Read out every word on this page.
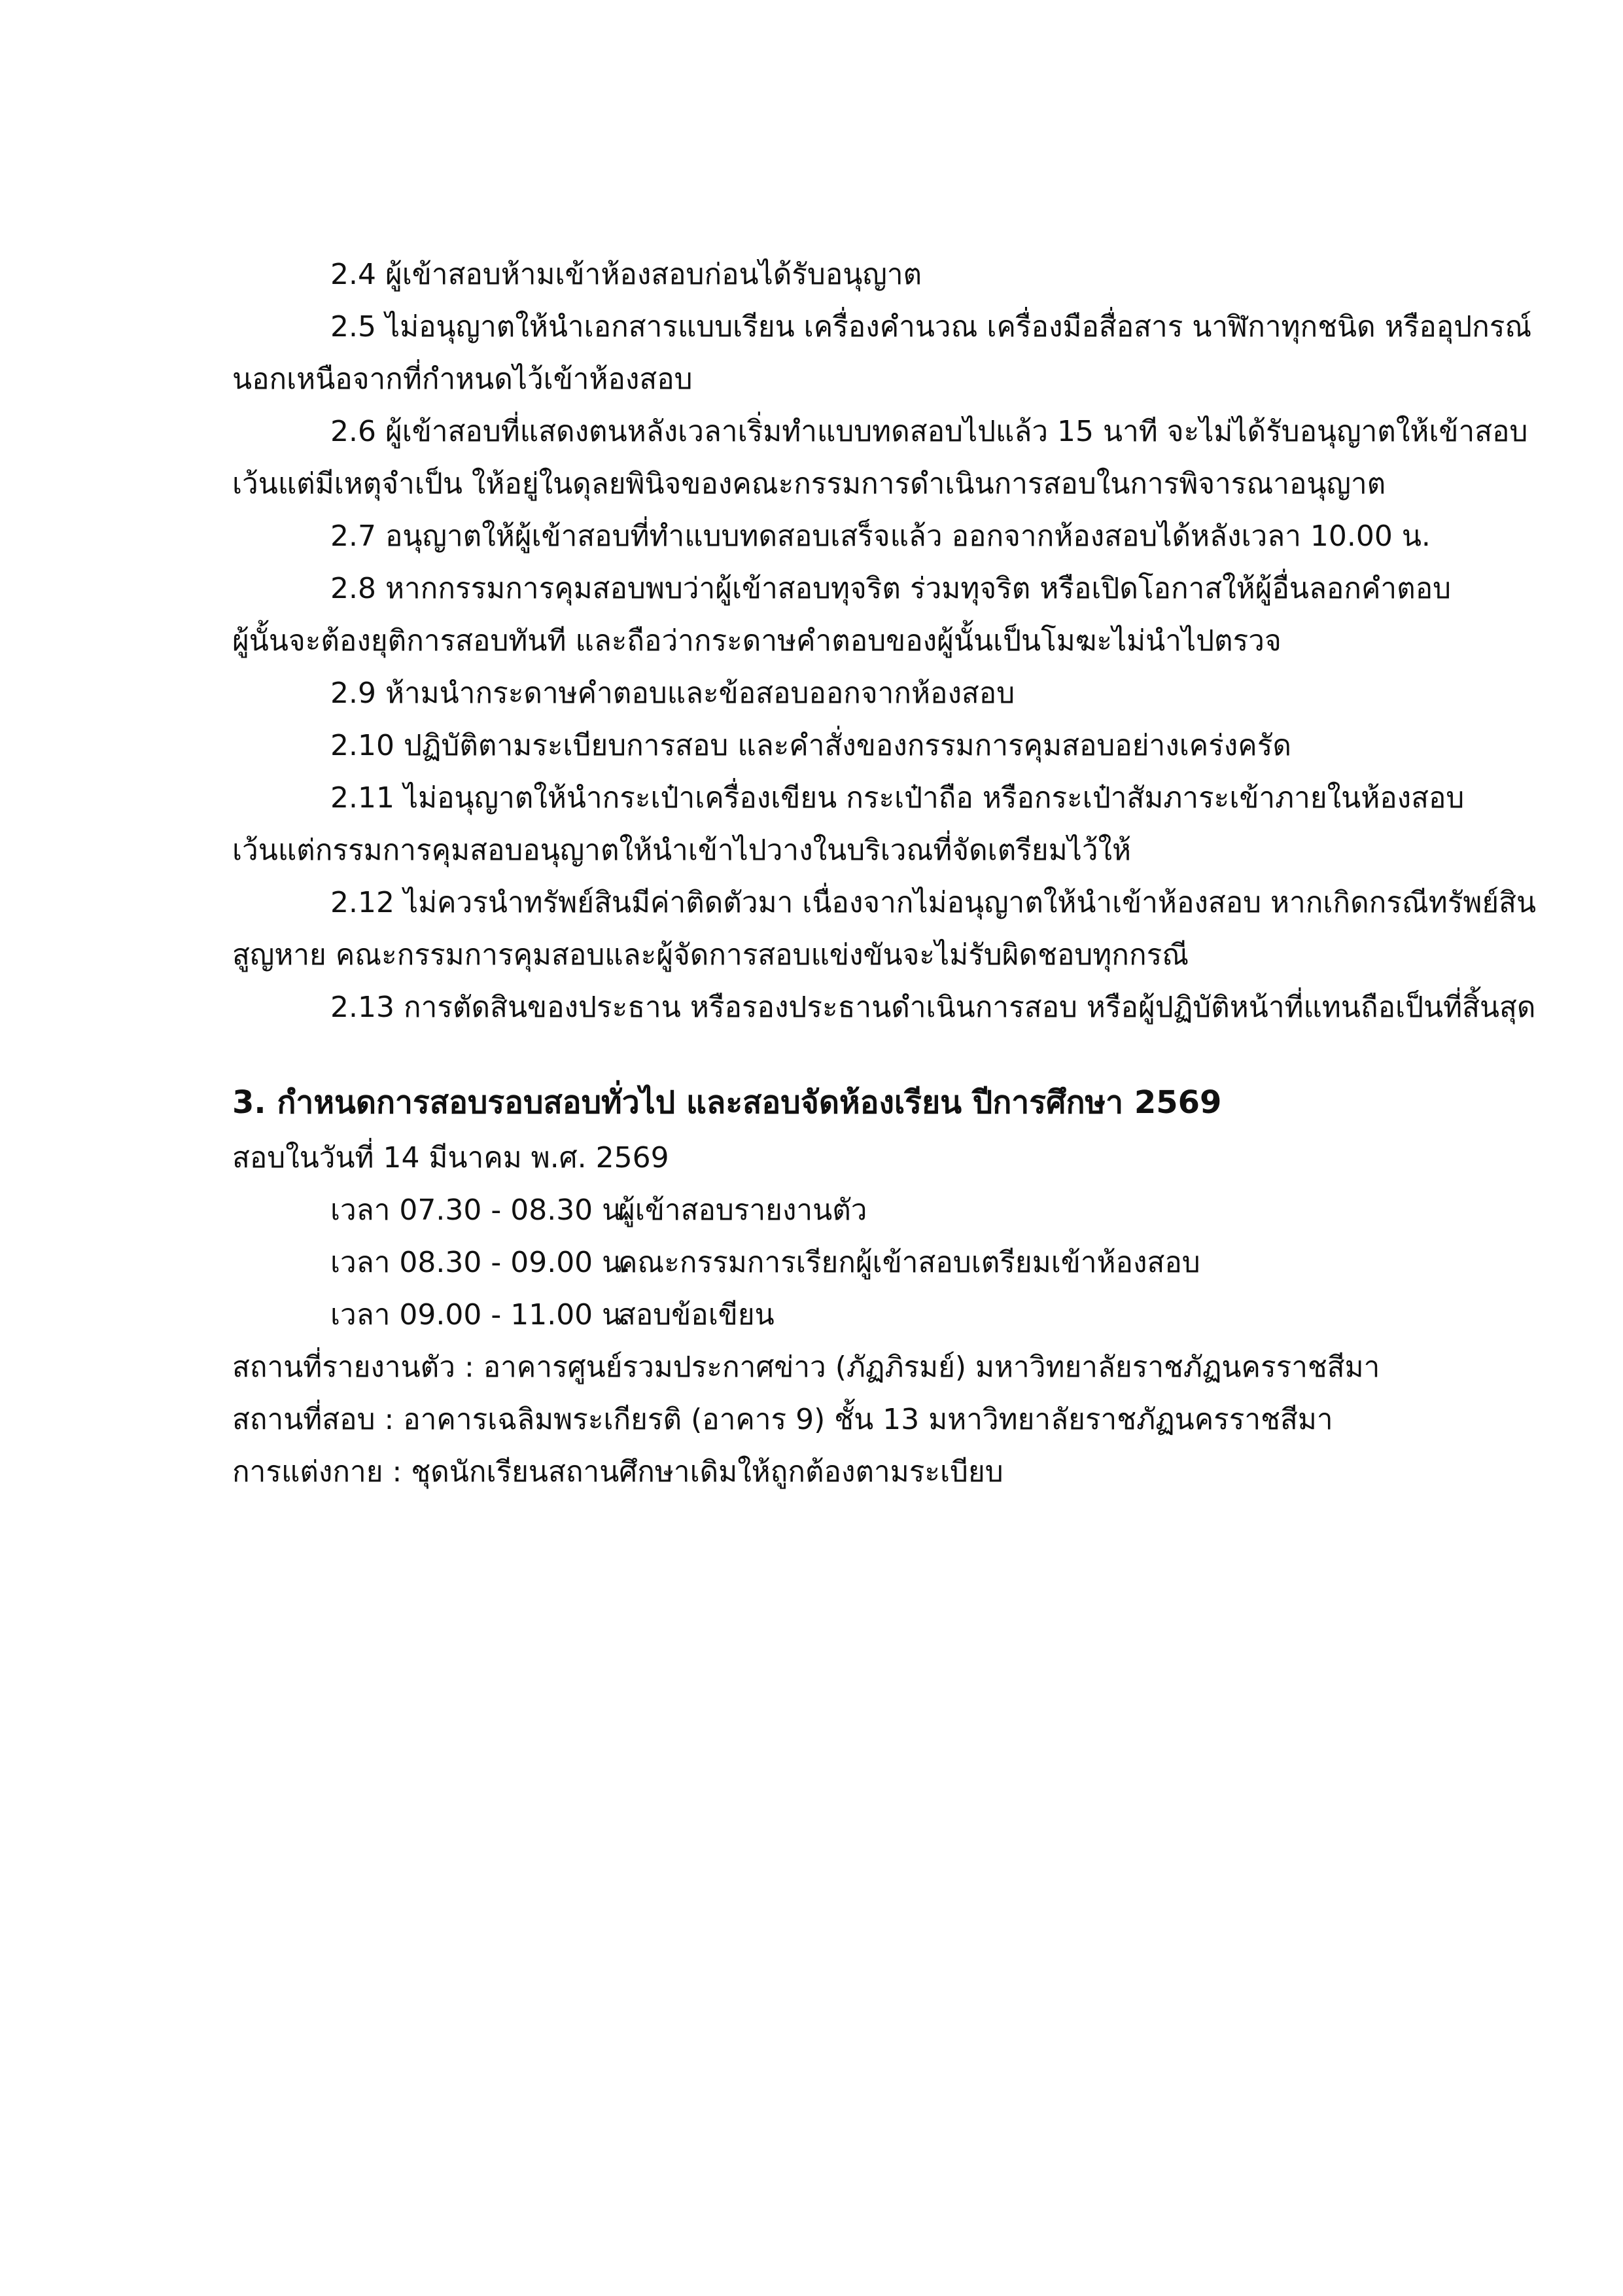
2.4 ผู้เข้าสอบห้ามเข้าห้องสอบก่อนได้รับอนุญาต
2.5 ไม่อนุญาตให้นำเอกสารแบบเรียน เครื่องคำนวณ เครื่องมือสื่อสาร นาฬิกาทุกชนิด หรืออุปกรณ์
นอกเหนือจากที่กำหนดไว้เข้าห้องสอบ
2.6 ผู้เข้าสอบที่แสดงตนหลังเวลาเริ่มทำแบบทดสอบไปแล้ว 15 นาที จะไม่ได้รับอนุญาตให้เข้าสอบ
เว้นแต่มีเหตุจำเป็น ให้อยู่ในดุลยพินิจของคณะกรรมการดำเนินการสอบในการพิจารณาอนุญาต
2.7 อนุญาตให้ผู้เข้าสอบที่ทำแบบทดสอบเสร็จแล้ว ออกจากห้องสอบได้หลังเวลา 10.00 น.
2.8 หากกรรมการคุมสอบพบว่าผู้เข้าสอบทุจริต ร่วมทุจริต หรือเปิดโอกาสให้ผู้อื่นลอกคำตอบ
ผู้นั้นจะต้องยุติการสอบทันที และถือว่ากระดาษคำตอบของผู้นั้นเป็นโมฆะไม่นำไปตรวจ
2.9 ห้ามนำกระดาษคำตอบและข้อสอบออกจากห้องสอบ
2.10 ปฏิบัติตามระเบียบการสอบ และคำสั่งของกรรมการคุมสอบอย่างเคร่งครัด
2.11 ไม่อนุญาตให้นำกระเป๋าเครื่องเขียน กระเป๋าถือ หรือกระเป๋าสัมภาระเข้าภายในห้องสอบ
เว้นแต่กรรมการคุมสอบอนุญาตให้นำเข้าไปวางในบริเวณที่จัดเตรียมไว้ให้
2.12 ไม่ควรนำทรัพย์สินมีค่าติดตัวมา เนื่องจากไม่อนุญาตให้นำเข้าห้องสอบ หากเกิดกรณีทรัพย์สิน
สูญหาย คณะกรรมการคุมสอบและผู้จัดการสอบแข่งขันจะไม่รับผิดชอบทุกกรณี
2.13 การตัดสินของประธาน หรือรองประธานดำเนินการสอบ หรือผู้ปฏิบัติหน้าที่แทนถือเป็นที่สิ้นสุด
3. กำหนดการสอบรอบสอบทั่วไป และสอบจัดห้องเรียน ปีการศึกษา 2569
สอบในวันที่ 14 มีนาคม พ.ศ. 2569
เวลา 07.30 - 08.30 น.ผู้เข้าสอบรายงานตัว
เวลา 08.30 - 09.00 น.คณะกรรมการเรียกผู้เข้าสอบเตรียมเข้าห้องสอบ
เวลา 09.00 - 11.00 น.สอบข้อเขียน
สถานที่รายงานตัว : อาคารศูนย์รวมประกาศข่าว (ภัฏภิรมย์) มหาวิทยาลัยราชภัฏนครราชสีมา
สถานที่สอบ : อาคารเฉลิมพระเกียรติ (อาคาร 9) ชั้น 13 มหาวิทยาลัยราชภัฏนครราชสีมา
การแต่งกาย : ชุดนักเรียนสถานศึกษาเดิมให้ถูกต้องตามระเบียบ
